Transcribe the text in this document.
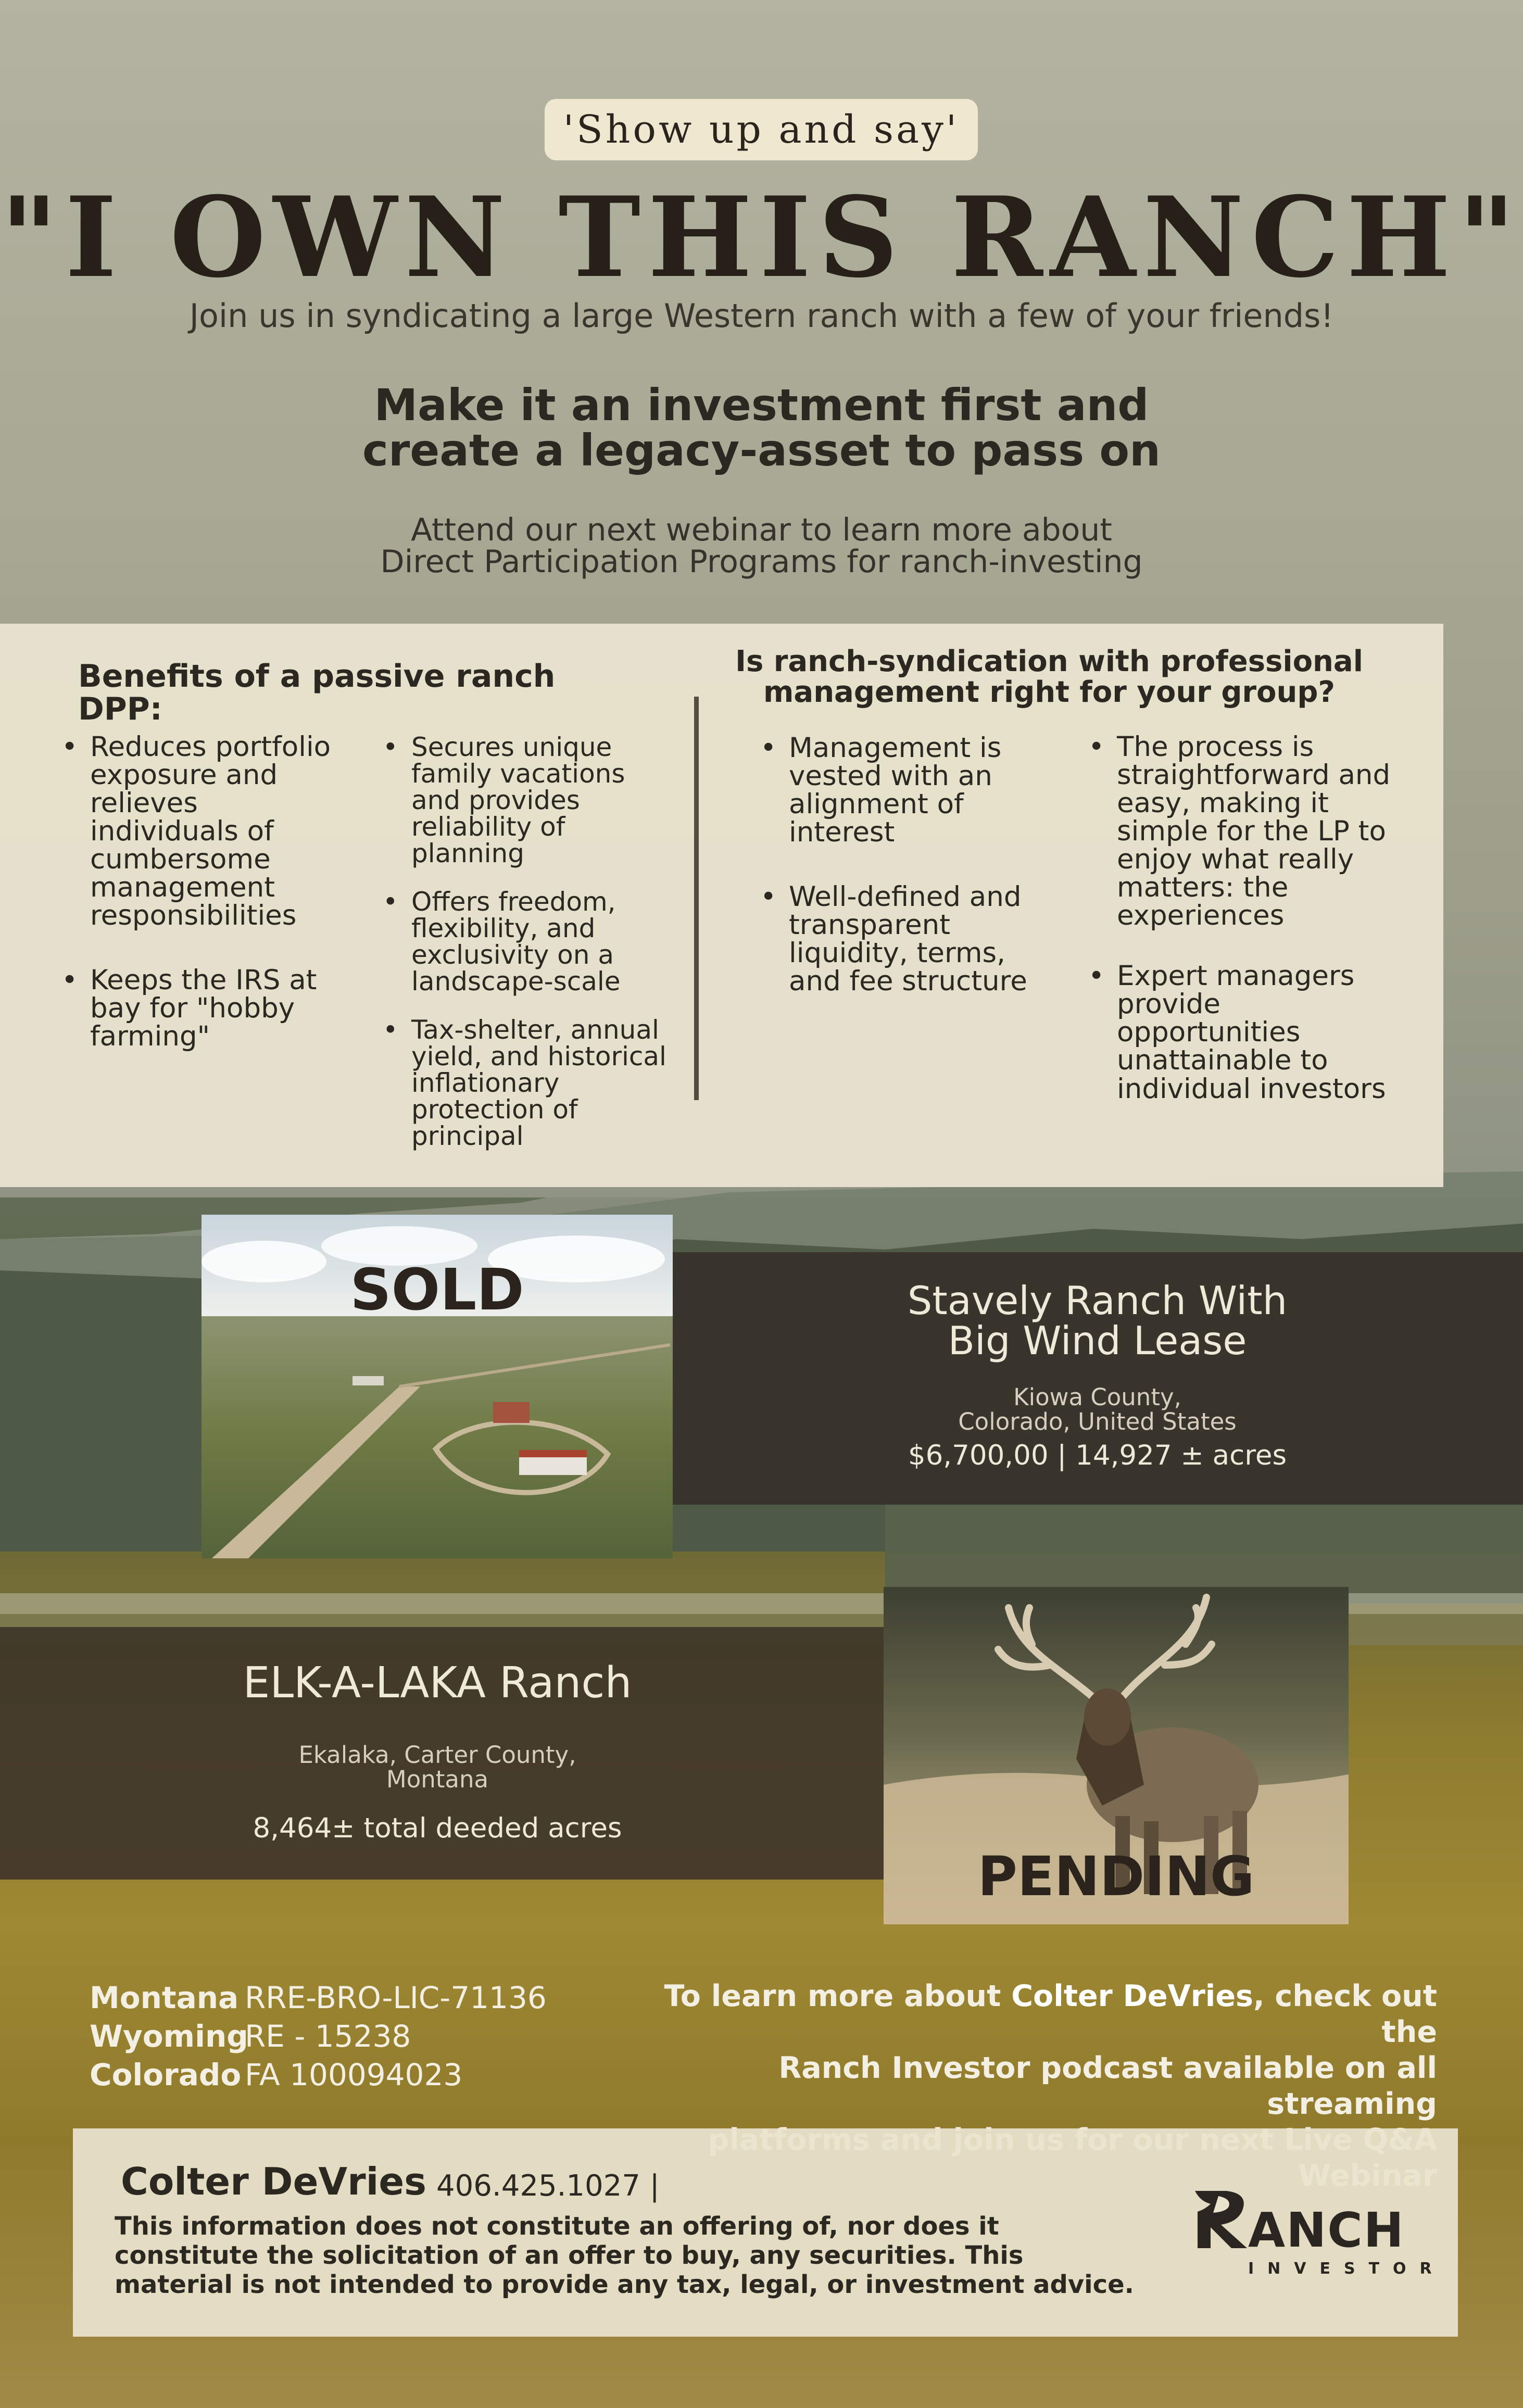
'Show up and say'
"I OWN THIS RANCH"
Join us in syndicating a large Western ranch with a few of your friends!
Make it an investment first and
create a legacy-asset to pass on
Attend our next webinar to learn more about
Direct Participation Programs for ranch-investing
Benefits of a passive ranch DPP:
• Reduces portfolio exposure and relieves individuals of cumbersome management responsibilities
• Keeps the IRS at bay for "hobby farming"
• Secures unique family vacations and provides reliability of planning
• Offers freedom, flexibility, and exclusivity on a landscape-scale
• Tax-shelter, annual yield, and historical inflationary protection of principal
Is ranch-syndication with professional
management right for your group?
• Management is vested with an alignment of interest
• Well-defined and transparent liquidity, terms, and fee structure
• The process is straightforward and easy, making it simple for the LP to enjoy what really matters: the experiences
• Expert managers provide opportunities unattainable to individual investors
Stavely Ranch With
Big Wind Lease
Kiowa County,
Colorado, United States
$6,700,00 | 14,927 ± acres
SOLD
ELK-A-LAKA Ranch
Ekalaka, Carter County,
Montana
8,464± total deeded acres
PENDING
Montana RRE-BRO-LIC-71136
Wyoming
RE - 15238
Colorado FA 100094023
To learn more about Colter DeVries, check out the
Ranch Investor podcast available on all streaming
Colter DeVries 406.425.1027 |
This information does not constitute an offering of, nor does it constitute the solicitation of an offer to buy, any securities. This material is not intended to provide any tax, legal, or investment advice.
ANCH
INVESTOR
